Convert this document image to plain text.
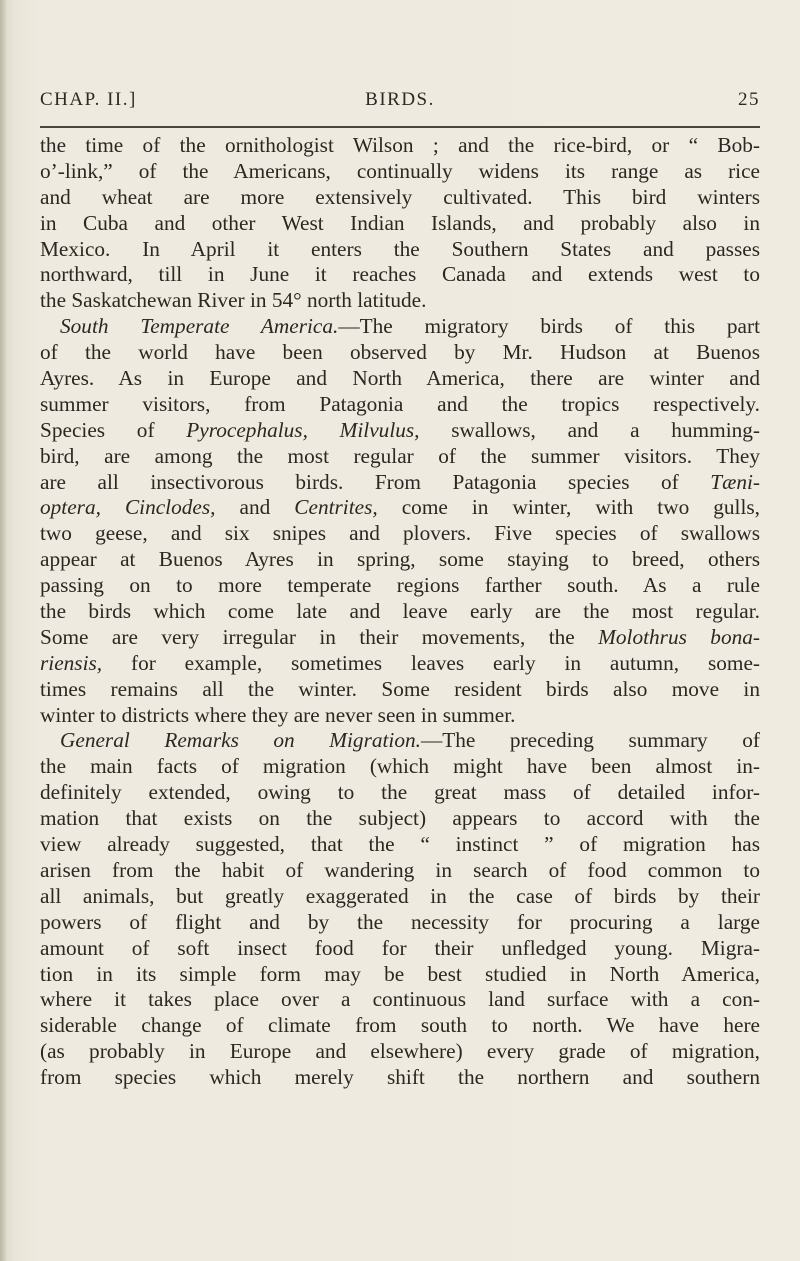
CHAP. II.]	BIRDS.	25
the time of the ornithologist Wilson ; and the rice-bird, or “ Bob-
o’-link,” of the Americans, continually widens its range as rice
and wheat are more extensively cultivated. This bird winters
in Cuba and other West Indian Islands, and probably also in
Mexico. In April it enters the Southern States and passes
northward, till in June it reaches Canada and extends west to
the Saskatchewan River in 54° north latitude.
South Temperate America.—The migratory birds of this part
of the world have been observed by Mr. Hudson at Buenos
Ayres. As in Europe and North America, there are winter and
summer visitors, from Patagonia and the tropics respectively.
Species of Pyrocephalus, Milvulus, swallows, and a humming-
bird, are among the most regular of the summer visitors. They
are all insectivorous birds. From Patagonia species of Tæni-
optera, Cinclodes, and Centrites, come in winter, with two gulls,
two geese, and six snipes and plovers. Five species of swallows
appear at Buenos Ayres in spring, some staying to breed, others
passing on to more temperate regions farther south. As a rule
the birds which come late and leave early are the most regular.
Some are very irregular in their movements, the Molothrus bona-
riensis, for example, sometimes leaves early in autumn, some-
times remains all the winter. Some resident birds also move in
winter to districts where they are never seen in summer.
General Remarks on Migration.—The preceding summary of
the main facts of migration (which might have been almost in-
definitely extended, owing to the great mass of detailed infor-
mation that exists on the subject) appears to accord with the
view already suggested, that the “ instinct ” of migration has
arisen from the habit of wandering in search of food common to
all animals, but greatly exaggerated in the case of birds by their
powers of flight and by the necessity for procuring a large
amount of soft insect food for their unfledged young. Migra-
tion in its simple form may be best studied in North America,
where it takes place over a continuous land surface with a con-
siderable change of climate from south to north. We have here
(as probably in Europe and elsewhere) every grade of migration,
from species which merely shift the northern and southern
